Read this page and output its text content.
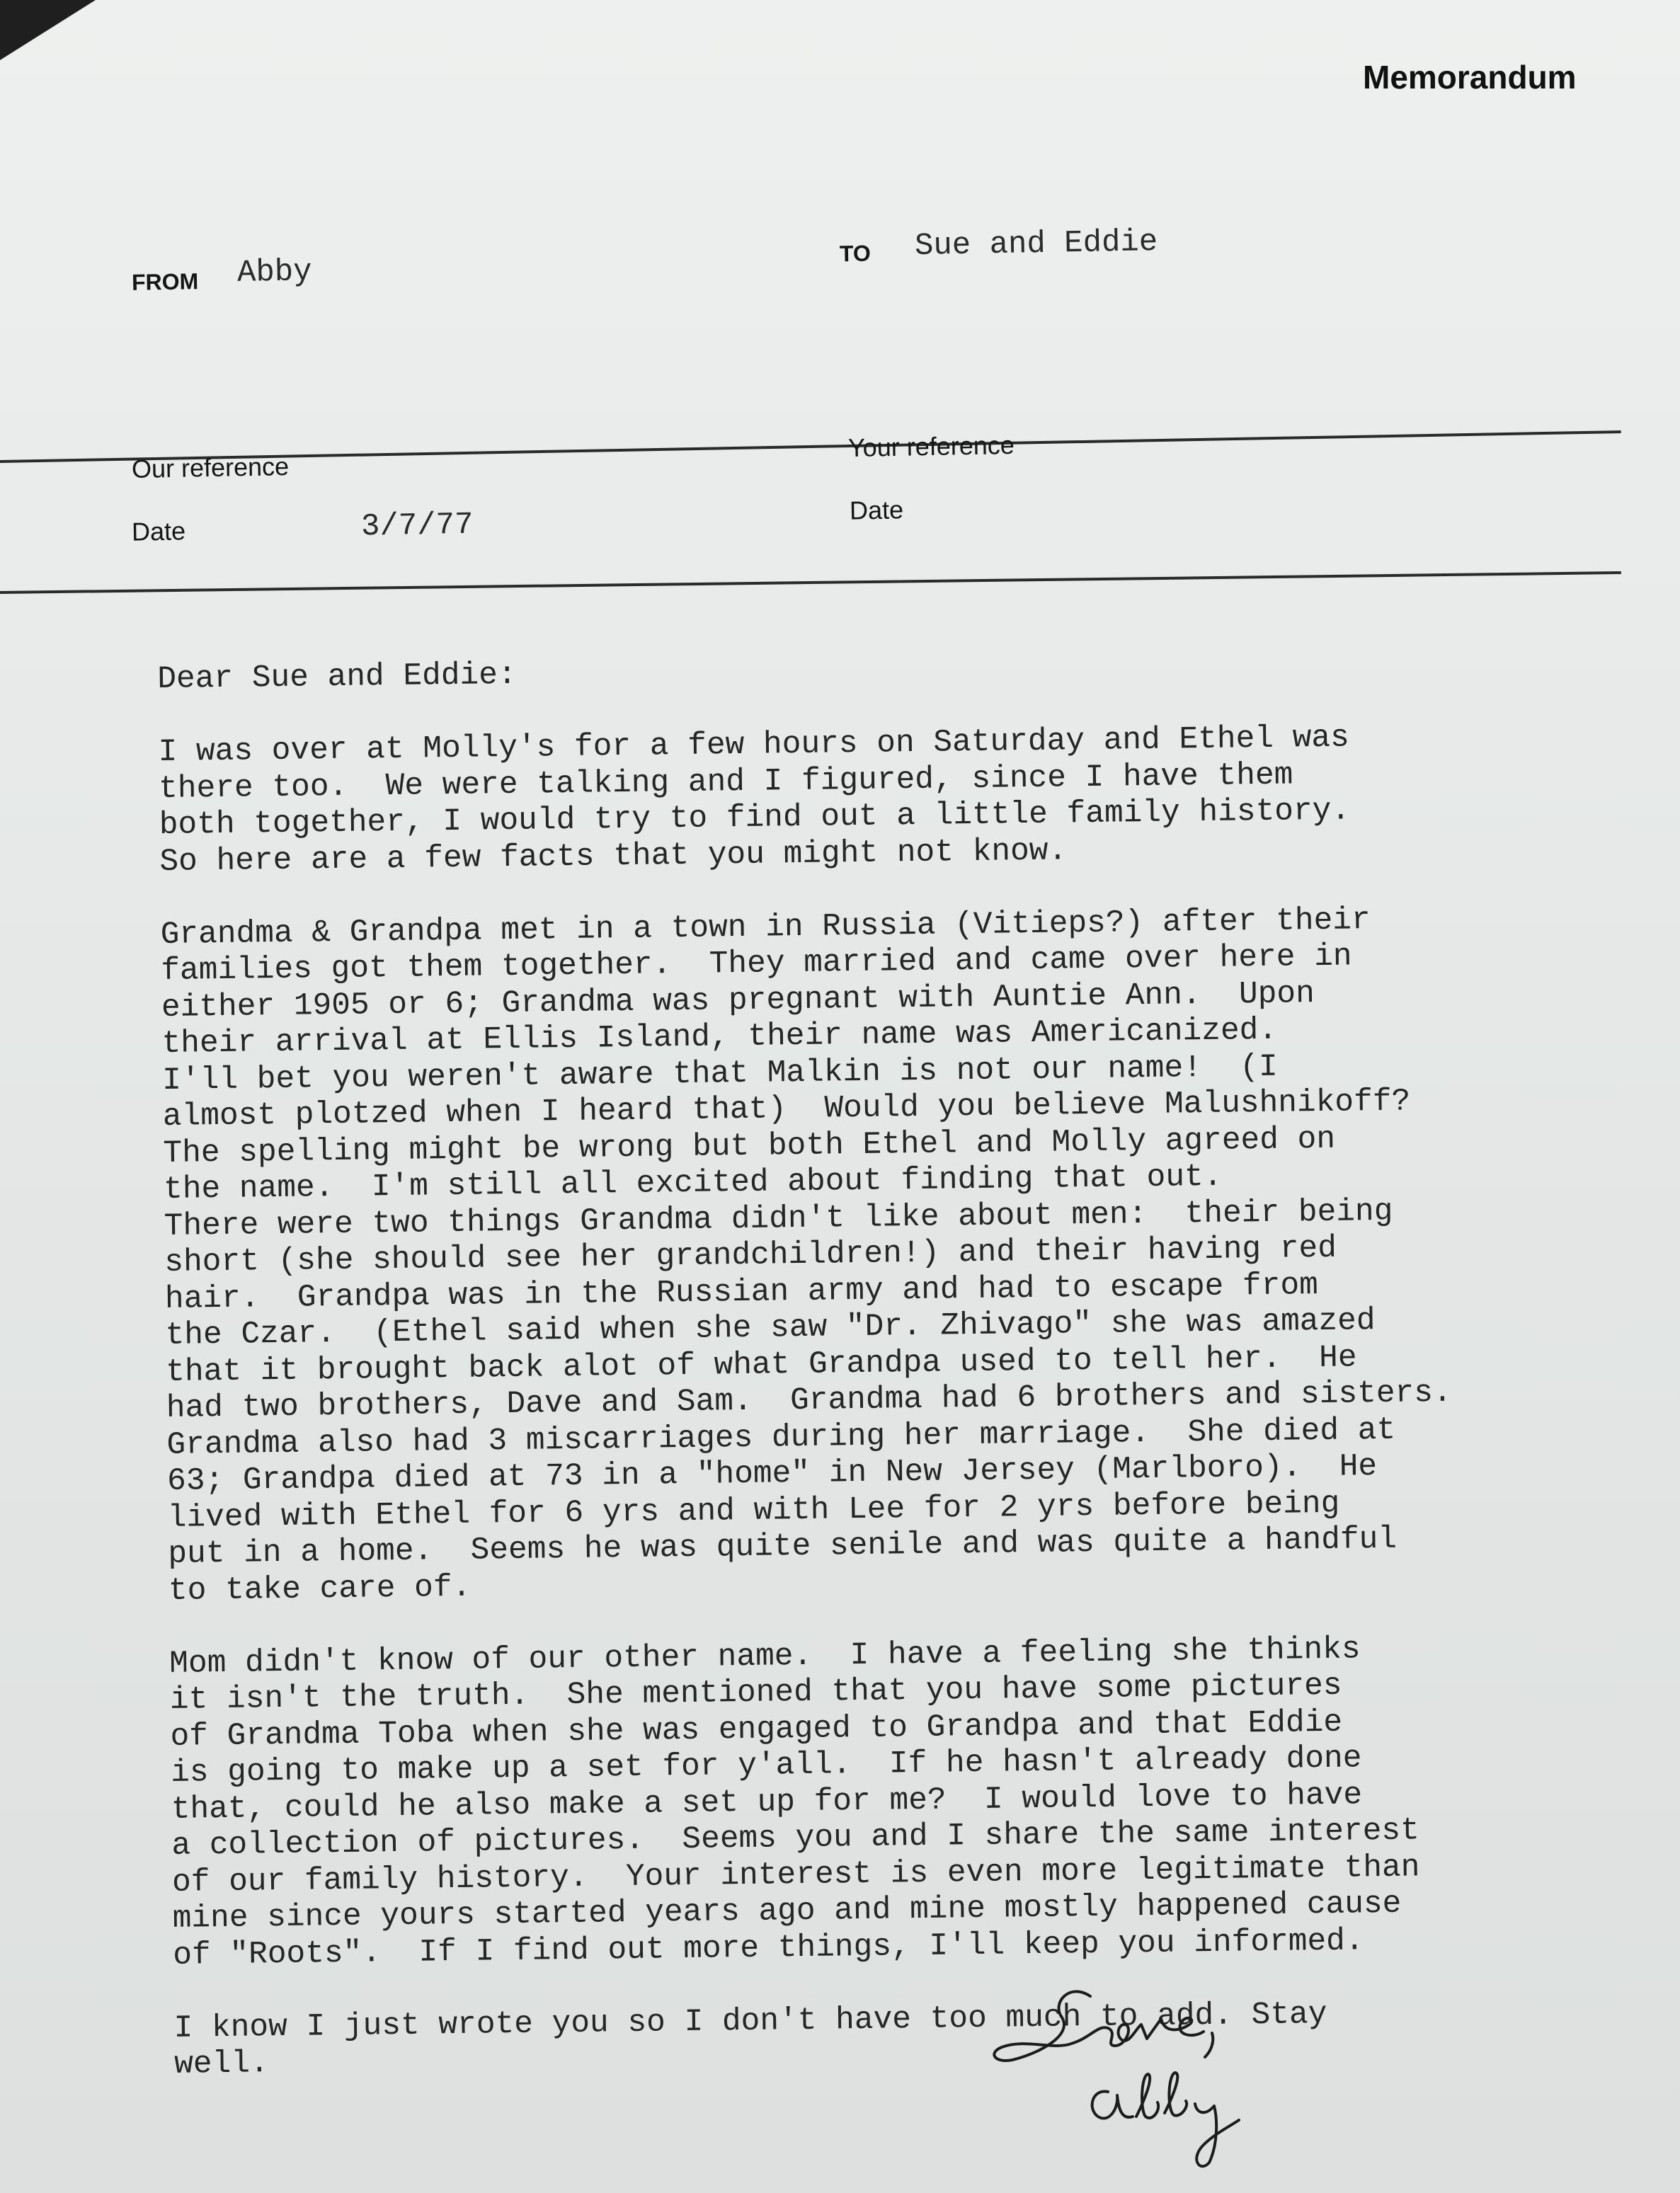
Memorandum
FROM Abby
TO Sue and Eddie
Our reference
Your reference
Date	3/7/77	Date
Dear Sue and Eddie:
I was over at Molly's for a few hours on Saturday and Ethel was
there too.  We were talking and I figured, since I have them
both together, I would try to find out a little family history.
So here are a few facts that you might not know.
Grandma & Grandpa met in a town in Russia (Vitieps?) after their
families got them together.  They married and came over here in
either 1905 or 6; Grandma was pregnant with Auntie Ann.  Upon
their arrival at Ellis Island, their name was Americanized.
I'll bet you weren't aware that Malkin is not our name!  (I
almost plotzed when I heard that)  Would you believe Malushnikoff?
The spelling might be wrong but both Ethel and Molly agreed on
the name.  I'm still all excited about finding that out.
There were two things Grandma didn't like about men:  their being
short (she should see her grandchildren!) and their having red
hair.  Grandpa was in the Russian army and had to escape from
the Czar.  (Ethel said when she saw "Dr. Zhivago" she was amazed
that it brought back alot of what Grandpa used to tell her.  He
had two brothers, Dave and Sam.  Grandma had 6 brothers and sisters.
Grandma also had 3 miscarriages during her marriage.  She died at
63; Grandpa died at 73 in a "home" in New Jersey (Marlboro).  He
lived with Ethel for 6 yrs and with Lee for 2 yrs before being
put in a home.  Seems he was quite senile and was quite a handful
to take care of.
Mom didn't know of our other name.  I have a feeling she thinks
it isn't the truth.  She mentioned that you have some pictures
of Grandma Toba when she was engaged to Grandpa and that Eddie
is going to make up a set for y'all.  If he hasn't already done
that, could he also make a set up for me?  I would love to have
a collection of pictures.  Seems you and I share the same interest
of our family history.  Your interest is even more legitimate than
mine since yours started years ago and mine mostly happened cause
of "Roots".  If I find out more things, I'll keep you informed.
I know I just wrote you so I don't have too much to add. Stay
well.
